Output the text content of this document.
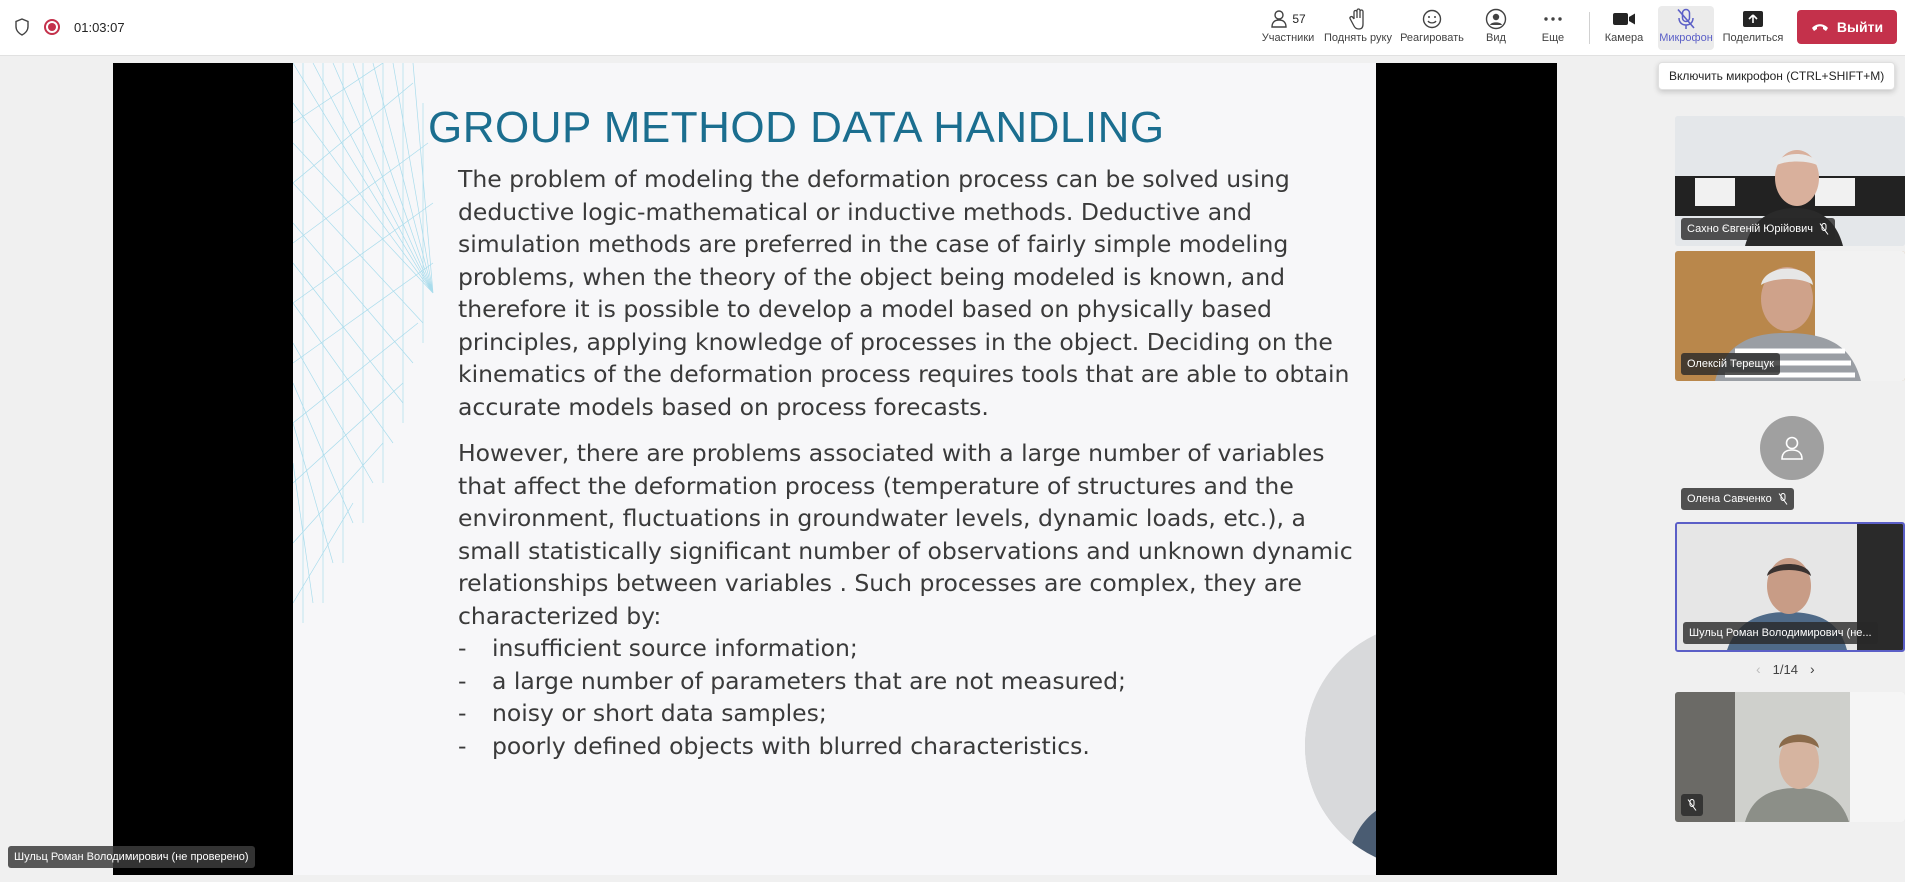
01:03:07
57
Участники Поднять руку Реагировать Вид	Еще	Камера Микрофон Поделиться
Выйти
Включить микрофон (CTRL+SHIFT+M)
GROUP METHOD DATA HANDLING

The problem of modeling the deformation process can be solved using deductive logic-mathematical or inductive methods. Deductive and simulation methods are preferred in the case of fairly simple modeling problems, when the theory of the object being modeled is known, and therefore it is possible to develop a model based on physically based principles, applying knowledge of processes in the object. Deciding on the kinematics of the deformation process requires tools that are able to obtain accurate models based on process forecasts.

However, there are problems associated with a large number of variables that affect the deformation process (temperature of structures and the environment, fluctuations in groundwater levels, dynamic loads, etc.), a small statistically significant number of observations and unknown dynamic relationships between variables . Such processes are complex, they are characterized by:

-	insufficient source information;
-	a large number of parameters that are not measured;
-	noisy or short data samples;
-	poorly defined objects with blurred characteristics.
Шульц Роман Володимирович (не проверено)
Сахно Євгеній Юрійович
Олексій Терещук
Олена Савченко
Шульц Роман Володимирович (не...
‹ 1/14 ›
